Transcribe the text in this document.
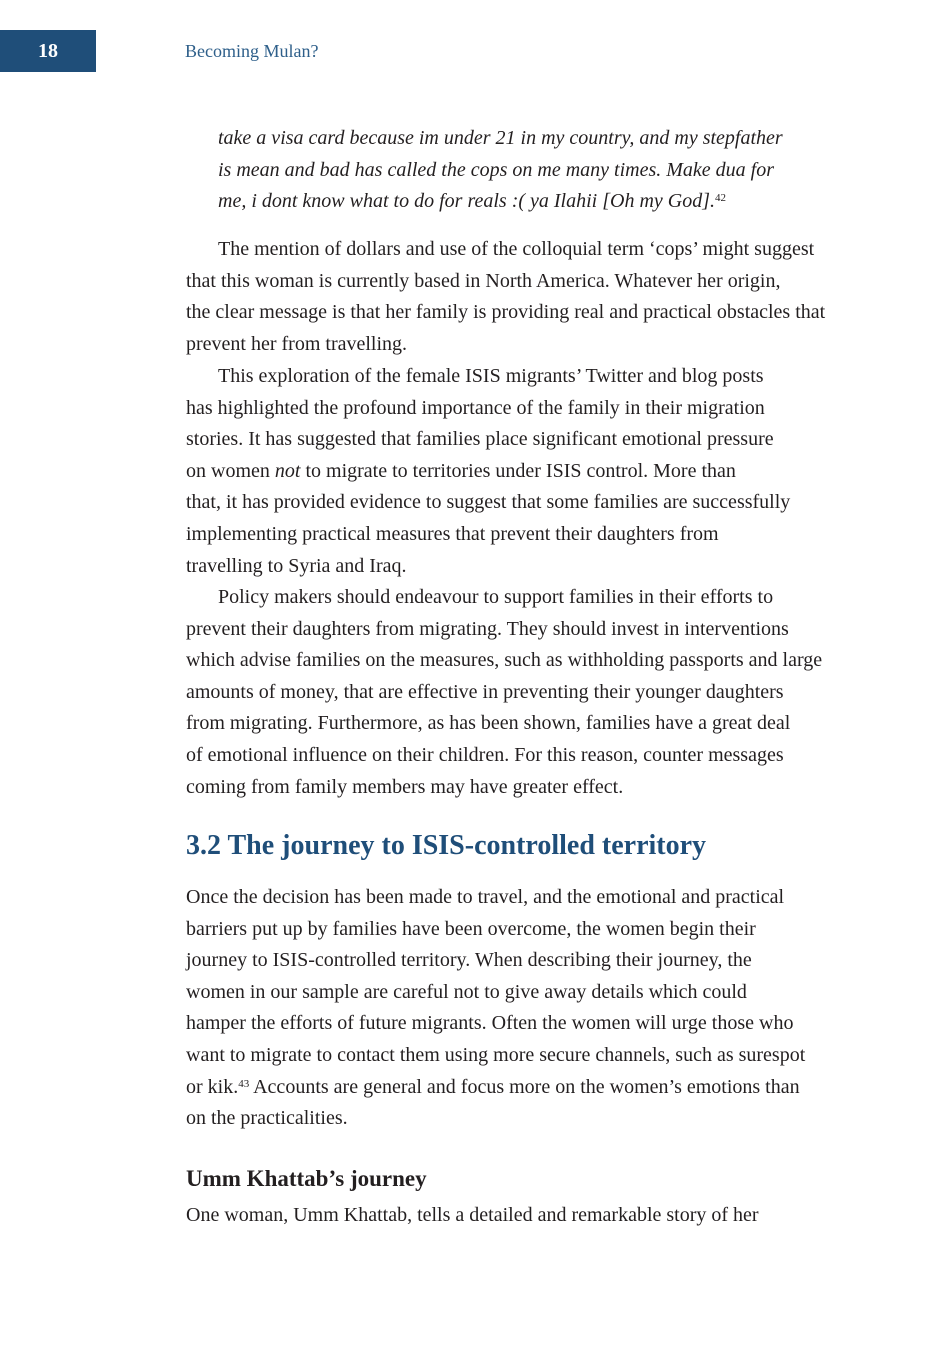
18	Becoming Mulan?
take a visa card because im under 21 in my country, and my stepfather
is mean and bad has called the cops on me many times. Make dua for
me, i dont know what to do for reals :( ya Ilahii [Oh my God].$^{42}$
The mention of dollars and use of the colloquial term ‘cops’ might suggest
that this woman is currently based in North America. Whatever her origin,
the clear message is that her family is providing real and practical obstacles that
prevent her from travelling.
This exploration of the female ISIS migrants’ Twitter and blog posts
has highlighted the profound importance of the family in their migration
stories. It has suggested that families place significant emotional pressure
on women not to migrate to territories under ISIS control. More than
that, it has provided evidence to suggest that some families are successfully
implementing practical measures that prevent their daughters from
travelling to Syria and Iraq.
Policy makers should endeavour to support families in their efforts to
prevent their daughters from migrating. They should invest in interventions
which advise families on the measures, such as withholding passports and large
amounts of money, that are effective in preventing their younger daughters
from migrating. Furthermore, as has been shown, families have a great deal
of emotional influence on their children. For this reason, counter messages
coming from family members may have greater effect.
3.2 The journey to ISIS-controlled territory
Once the decision has been made to travel, and the emotional and practical
barriers put up by families have been overcome, the women begin their
journey to ISIS-controlled territory. When describing their journey, the
women in our sample are careful not to give away details which could
hamper the efforts of future migrants. Often the women will urge those who
want to migrate to contact them using more secure channels, such as surespot
or kik.$^{43}$ Accounts are general and focus more on the women’s emotions than
on the practicalities.
Umm Khattab’s journey
One woman, Umm Khattab, tells a detailed and remarkable story of her
